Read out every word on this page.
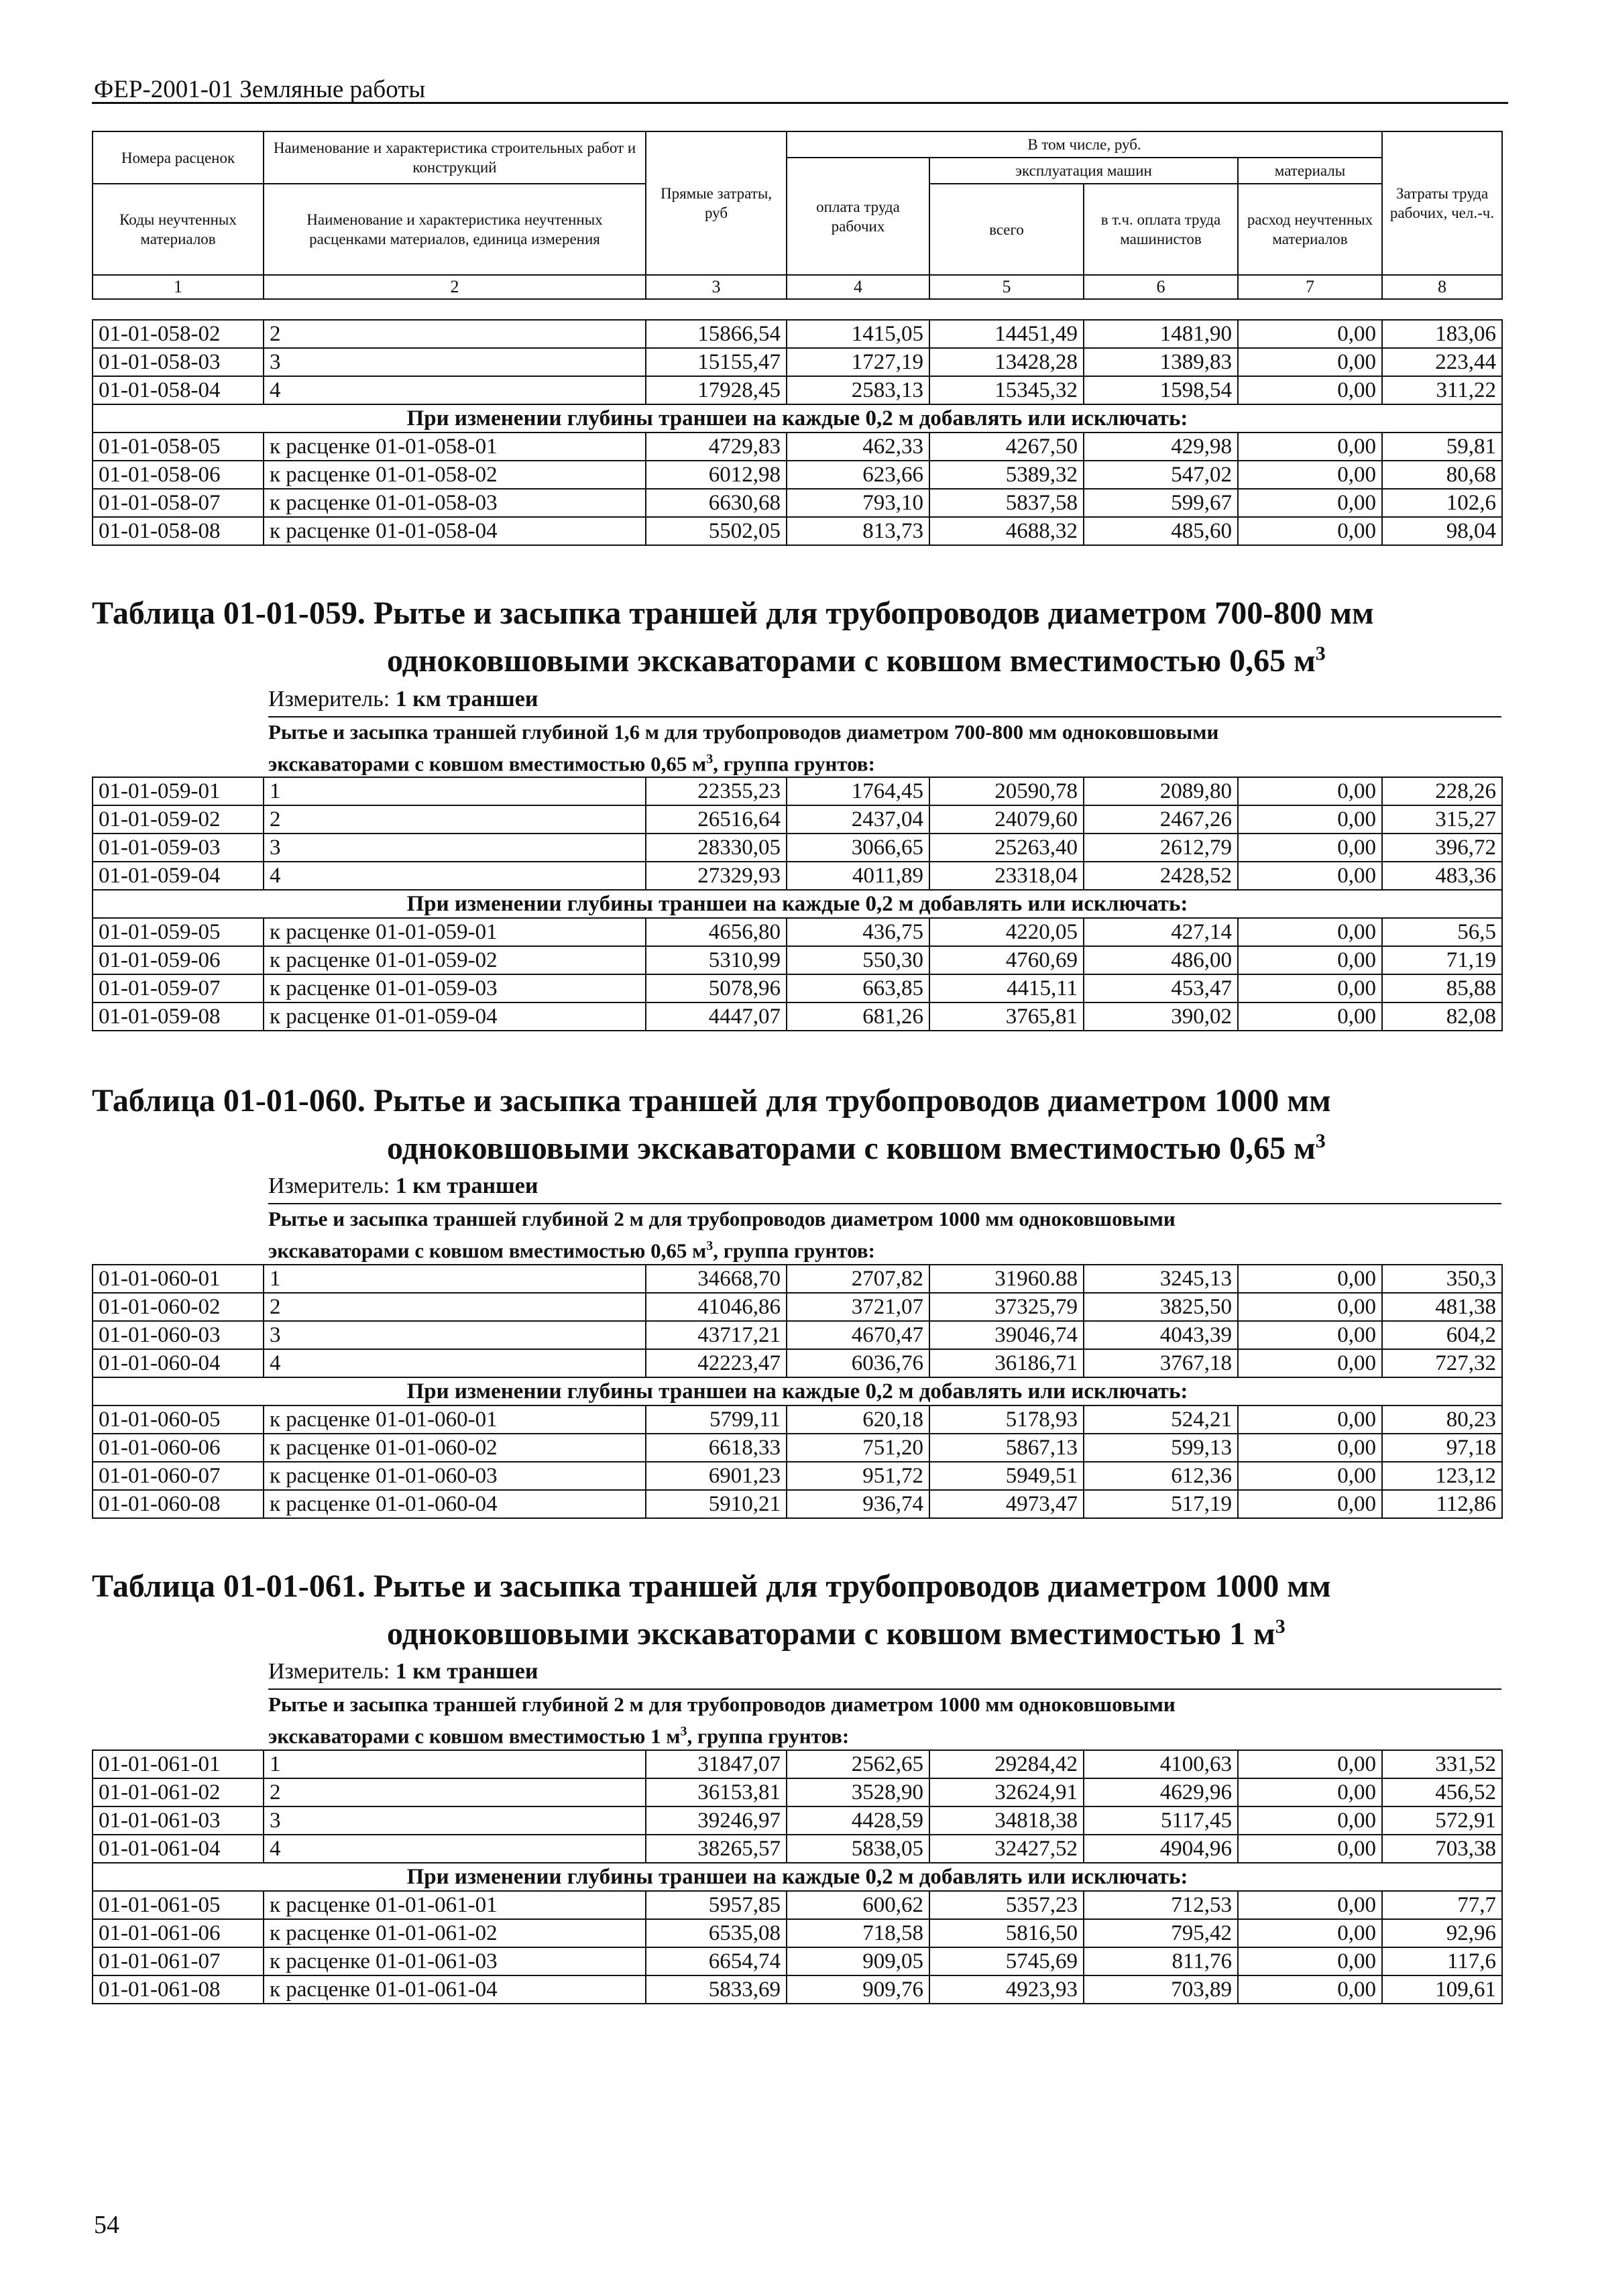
ФЕР-2001-01 Земляные работы
Номера расценок	Наименование и характеристика строительных работ и конструкций	Прямые затраты, руб	В том числе, руб.				Затраты труда рабочих, чел.-ч.
			оплата труда рабочих	эксплуатация машин		материалы	
Коды неучтенных материалов	Наименование и характеристика неучтенных расценками материалов, единица измерения			всего	в т.ч. оплата труда машинистов	расход неучтенных материалов	

1	2	3	4	5	6	7	8
01-01-058-02	2	15866,54	1415,05	14451,49	1481,90	0,00	183,06
01-01-058-03	3	15155,47	1727,19	13428,28	1389,83	0,00	223,44
01-01-058-04	4	17928,45	2583,13	15345,32	1598,54	0,00	311,22
При изменении глубины траншеи на каждые 0,2 м добавлять или исключать:							
01-01-058-05	к расценке 01-01-058-01	4729,83	462,33	4267,50	429,98	0,00	59,81
01-01-058-06	к расценке 01-01-058-02	6012,98	623,66	5389,32	547,02	0,00	80,68
01-01-058-07	к расценке 01-01-058-03	6630,68	793,10	5837,58	599,67	0,00	102,6
01-01-058-08	к расценке 01-01-058-04	5502,05	813,73	4688,32	485,60	0,00	98,04
Таблица 01-01-059. Рытье и засыпка траншей для трубопроводов диаметром 700-800 мм
одноковшовыми экскаваторами с ковшом вместимостью 0,65 $м^3$
Измеритель: 1 км траншеи
Рытье и засыпка траншей глубиной 1,6 м для трубопроводов диаметром 700-800 мм одноковшовыми
экскаваторами с ковшом вместимостью 0,65 $м^3$, группа грунтов:
01-01-059-01	1	22355,23	1764,45	20590,78	2089,80	0,00	228,26
01-01-059-02	2	26516,64	2437,04	24079,60	2467,26	0,00	315,27
01-01-059-03	3	28330,05	3066,65	25263,40	2612,79	0,00	396,72
01-01-059-04	4	27329,93	4011,89	23318,04	2428,52	0,00	483,36
При изменении глубины траншеи на каждые 0,2 м добавлять или исключать:							
01-01-059-05	к расценке 01-01-059-01	4656,80	436,75	4220,05	427,14	0,00	56,5
01-01-059-06	к расценке 01-01-059-02	5310,99	550,30	4760,69	486,00	0,00	71,19
01-01-059-07	к расценке 01-01-059-03	5078,96	663,85	4415,11	453,47	0,00	85,88
01-01-059-08	к расценке 01-01-059-04	4447,07	681,26	3765,81	390,02	0,00	82,08
Таблица 01-01-060. Рытье и засыпка траншей для трубопроводов диаметром 1000 мм
одноковшовыми экскаваторами с ковшом вместимостью 0,65 $м^3$
Измеритель: 1 км траншеи
Рытье и засыпка траншей глубиной 2 м для трубопроводов диаметром 1000 мм одноковшовыми
экскаваторами с ковшом вместимостью 0,65 $м^3$, группа грунтов:
01-01-060-01	1	34668,70	2707,82	31960.88	3245,13	0,00	350,3
01-01-060-02	2	41046,86	3721,07	37325,79	3825,50	0,00	481,38
01-01-060-03	3	43717,21	4670,47	39046,74	4043,39	0,00	604,2
01-01-060-04	4	42223,47	6036,76	36186,71	3767,18	0,00	727,32
При изменении глубины траншеи на каждые 0,2 м добавлять или исключать:							
01-01-060-05	к расценке 01-01-060-01	5799,11	620,18	5178,93	524,21	0,00	80,23
01-01-060-06	к расценке 01-01-060-02	6618,33	751,20	5867,13	599,13	0,00	97,18
01-01-060-07	к расценке 01-01-060-03	6901,23	951,72	5949,51	612,36	0,00	123,12
01-01-060-08	к расценке 01-01-060-04	5910,21	936,74	4973,47	517,19	0,00	112,86
Таблица 01-01-061. Рытье и засыпка траншей для трубопроводов диаметром 1000 мм
одноковшовыми экскаваторами с ковшом вместимостью 1 $м^3$
Измеритель: 1 км траншеи
Рытье и засыпка траншей глубиной 2 м для трубопроводов диаметром 1000 мм одноковшовыми
экскаваторами с ковшом вместимостью 1 $м^3$, группа грунтов:
01-01-061-01	1	31847,07	2562,65	29284,42	4100,63	0,00	331,52
01-01-061-02	2	36153,81	3528,90	32624,91	4629,96	0,00	456,52
01-01-061-03	3	39246,97	4428,59	34818,38	5117,45	0,00	572,91
01-01-061-04	4	38265,57	5838,05	32427,52	4904,96	0,00	703,38
При изменении глубины траншеи на каждые 0,2 м добавлять или исключать:							
01-01-061-05	к расценке 01-01-061-01	5957,85	600,62	5357,23	712,53	0,00	77,7
01-01-061-06	к расценке 01-01-061-02	6535,08	718,58	5816,50	795,42	0,00	92,96
01-01-061-07	к расценке 01-01-061-03	6654,74	909,05	5745,69	811,76	0,00	117,6
01-01-061-08	к расценке 01-01-061-04	5833,69	909,76	4923,93	703,89	0,00	109,61
54
